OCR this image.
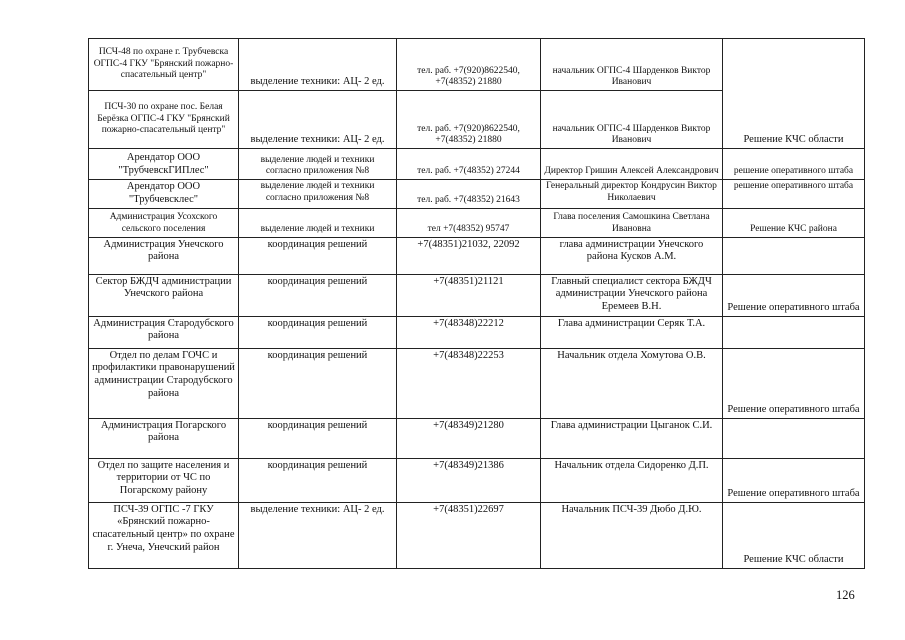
ПСЧ-48 по охране г. Трубчевска ОГПС-4 ГКУ "Брянский пожарно-спасательный центр"	выделение техники: АЦ- 2 ед.	тел. раб. +7(920)8622540, +7(48352) 21880	начальник ОГПС-4 Шарденков Виктор Иванович	Решение КЧС области
ПСЧ-30 по охране пос. Белая Берёзка ОГПС-4 ГКУ "Брянский пожарно-спасательный центр"	выделение техники: АЦ- 2 ед.	тел. раб. +7(920)8622540, +7(48352) 21880	начальник ОГПС-4 Шарденков Виктор Иванович	
Арендатор ООО "ТрубчевскГИПлес"	выделение людей и техники согласно приложения №8	тел. раб. +7(48352) 27244	Директор Гришин Алексей Александрович	решение оперативного штаба
Арендатор ООО "Трубчевсклес"	выделение людей и техники согласно приложения №8	тел. раб. +7(48352) 21643	Генеральный директор Кондрусин Виктор Николаевич	решение оперативного штаба
Администрация Усохского сельского поселения	выделение людей и техники	тел +7(48352) 95747	Глава поселения Самошкина Светлана Ивановна	Решение КЧС района
Администрация Унечского района	координация решений	+7(48351)21032, 22092	глава администрации Унечского района Кусков А.М.	
Сектор БЖДЧ администрации Унечского района	координация решений	+7(48351)21121	Главный специалист сектора БЖДЧ администрации Унечского района Еремеев В.Н.	Решение оперативного штаба
Администрация Стародубского района	координация решений	+7(48348)22212	Глава администрации Серяк Т.А.	
Отдел по делам ГОЧС и профилактики правонарушений администрации Стародубского района	координация решений	+7(48348)22253	Начальник отдела Хомутова О.В.	Решение оперативного штаба
Администрация Погарского района	координация решений	+7(48349)21280	Глава администрации Цыганок С.И.	
Отдел по защите населения и территории от ЧС по Погарскому району	координация решений	+7(48349)21386	Начальник отдела Сидоренко Д.П.	Решение оперативного штаба
ПСЧ-39 ОГПС -7 ГКУ «Брянский пожарно-спасательный центр» по охране г. Унеча, Унечский район	выделение техники: АЦ- 2 ед.	+7(48351)22697	Начальник ПСЧ-39 Дюбо Д.Ю.	Решение КЧС области
126
